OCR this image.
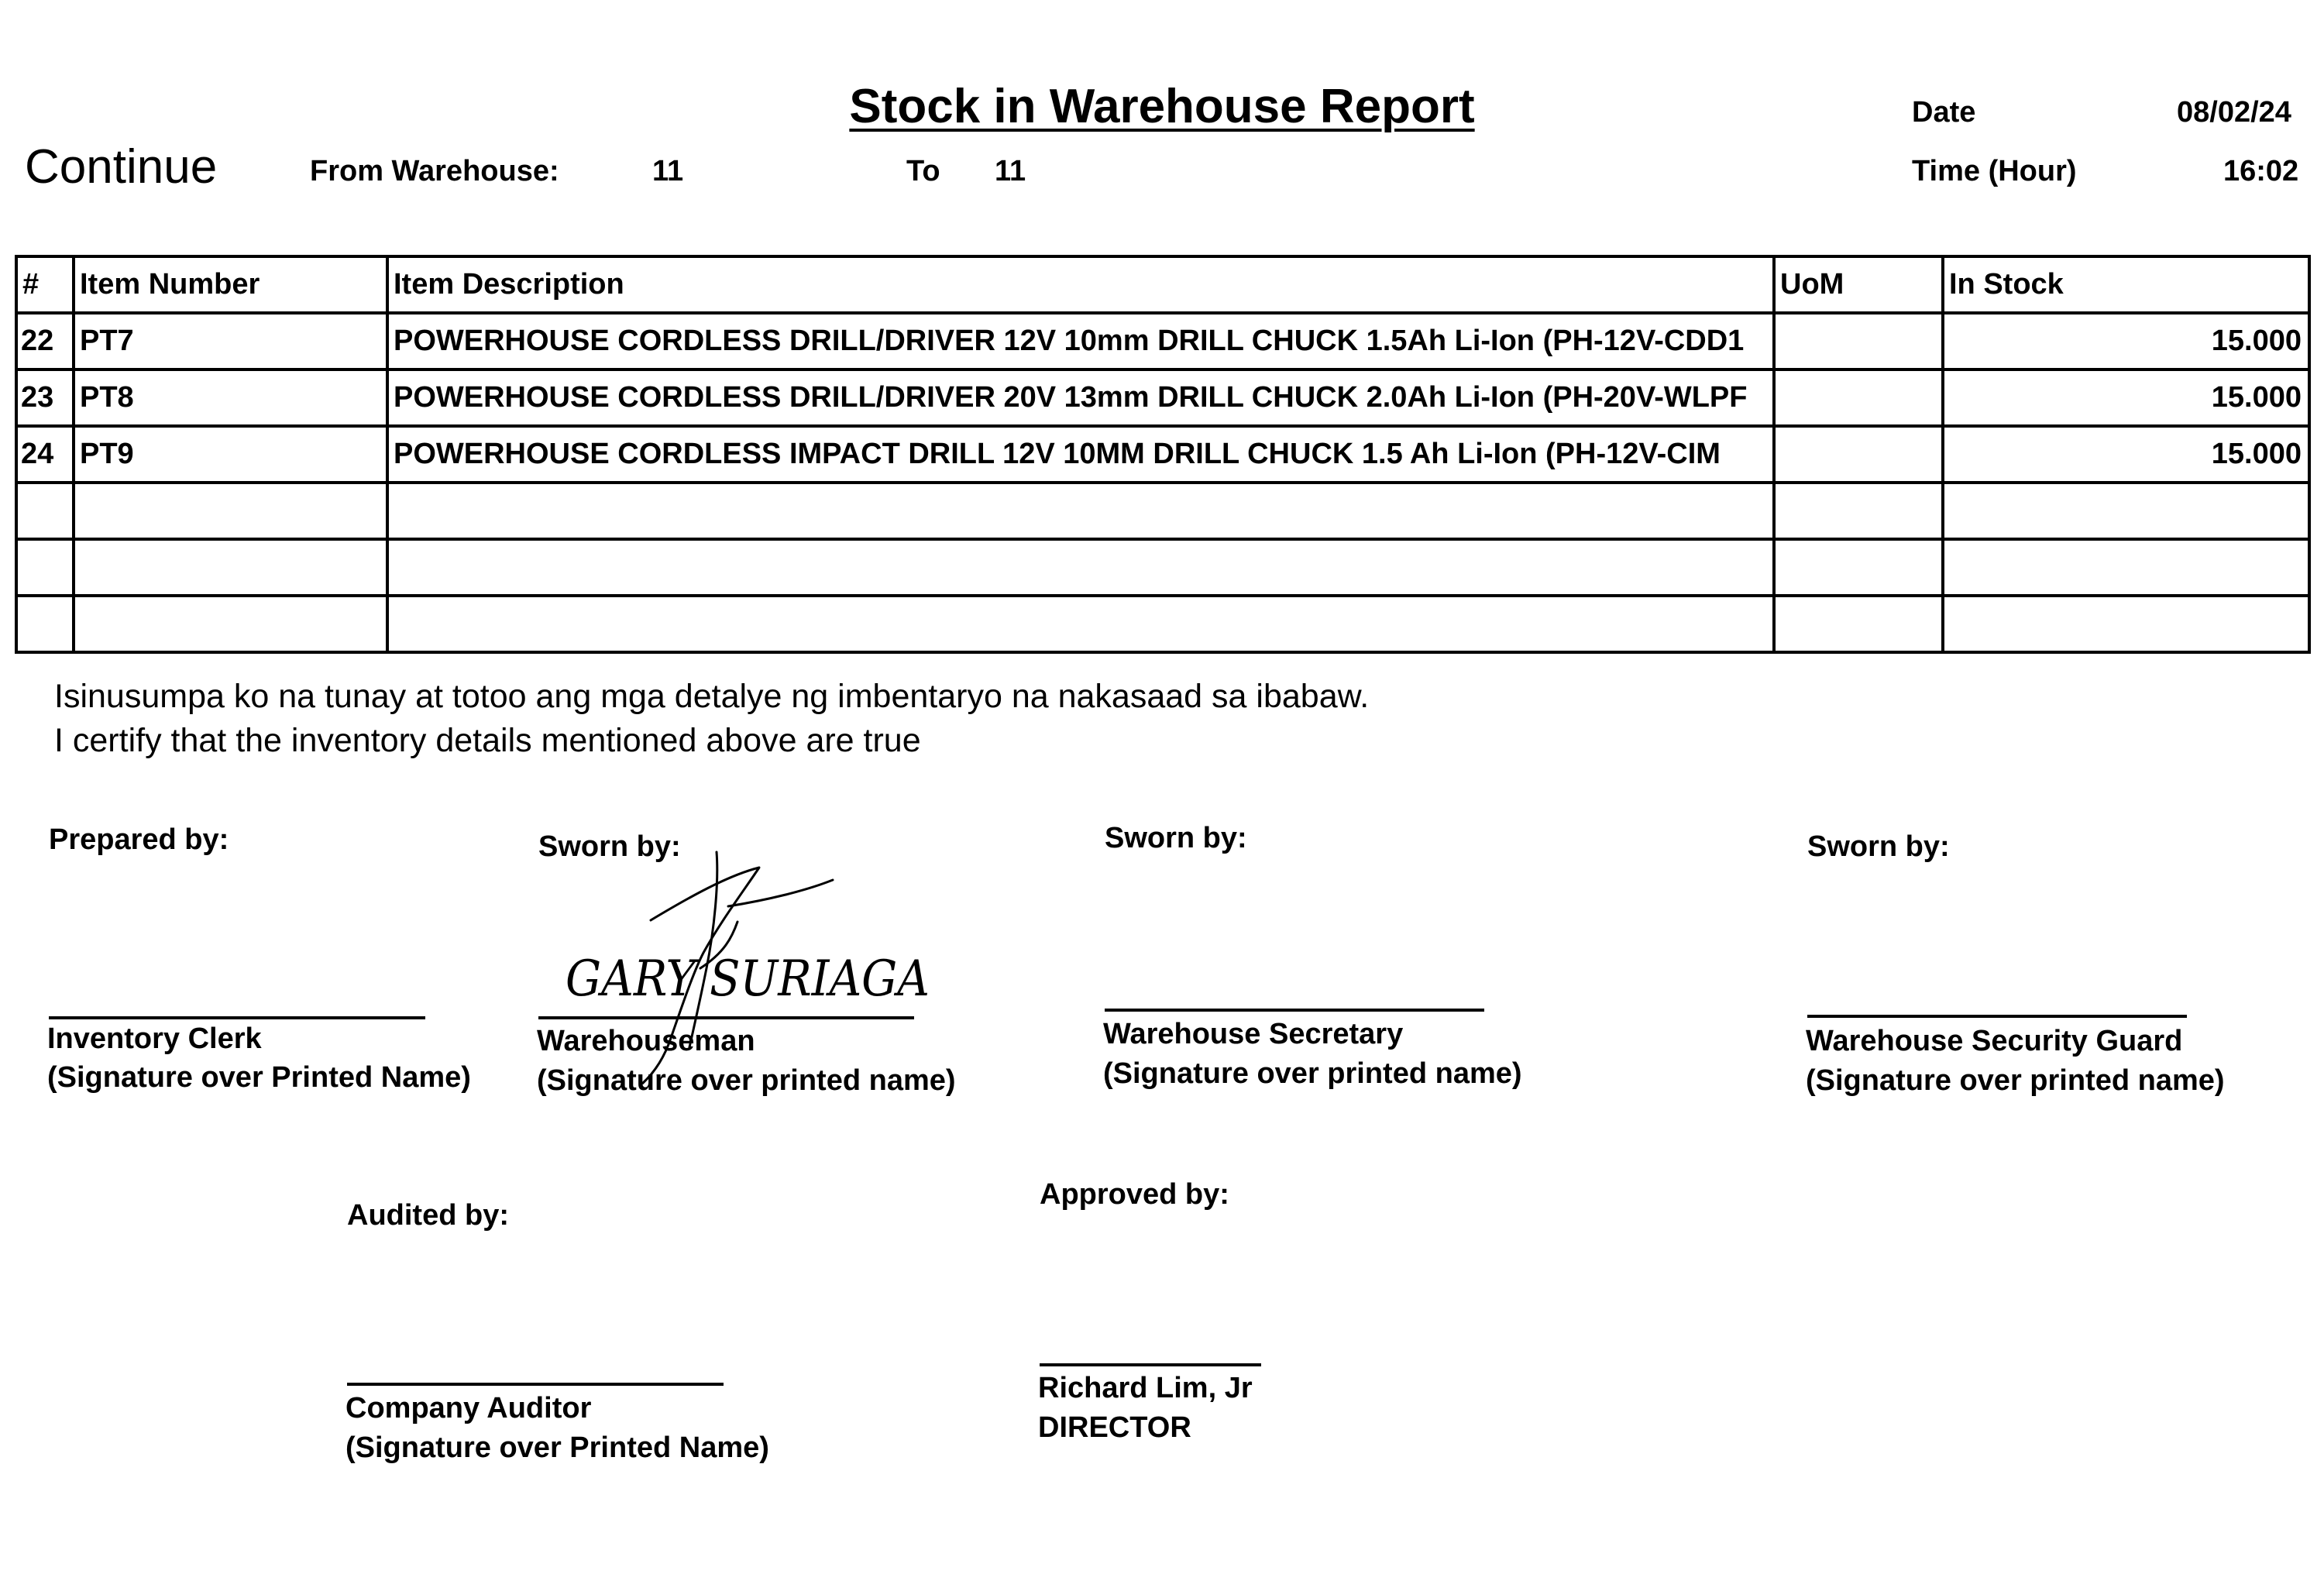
Stock in Warehouse Report
Continue	From Warehouse:	11	To 11
Date	08/02/24
Time (Hour)	16:02
#	Item Number	Item Description	UoM	In Stock
22	PT7	POWERHOUSE CORDLESS DRILL/DRIVER 12V 10mm DRILL CHUCK 1.5Ah Li-Ion (PH-12V-CDD1		15.000
23	PT8	POWERHOUSE CORDLESS DRILL/DRIVER 20V 13mm DRILL CHUCK 2.0Ah Li-Ion (PH-20V-WLPF		15.000
24	PT9	POWERHOUSE CORDLESS IMPACT DRILL 12V 10MM DRILL CHUCK 1.5 Ah Li-Ion (PH-12V-CIM		15.000

Isinusumpa ko na tunay at totoo ang mga detalye ng imbentaryo na nakasaad sa ibabaw.
I certify that the inventory details mentioned above are true
Prepared by:
Inventory Clerk
(Signature over Printed Name)
Sworn by:
GARY SURIAGA
Warehouseman
(Signature over printed name)
Sworn by:
Warehouse Secretary
(Signature over printed name)
Sworn by:
Warehouse Security Guard
(Signature over printed name)
Audited by:
Company Auditor
(Signature over Printed Name)
Approved by:
Richard Lim, Jr
DIRECTOR
